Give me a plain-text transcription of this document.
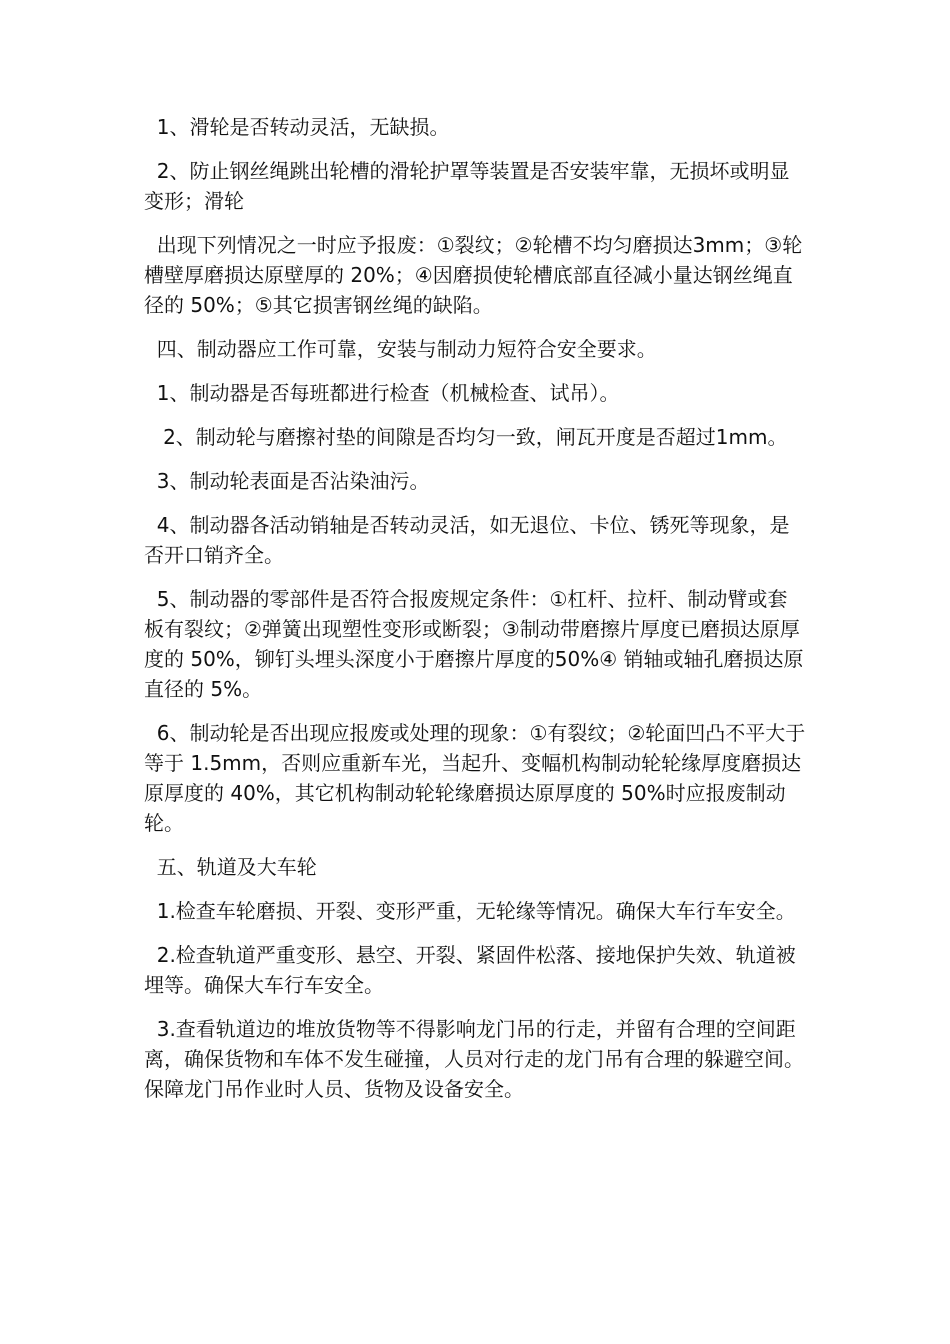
1、滑轮是否转动灵活，无缺损。

2、防止钢丝绳跳出轮槽的滑轮护罩等装置是否安装牢靠，无损坏或明显变形；滑轮

出现下列情况之一时应予报废：①裂纹；②轮槽不均匀磨损达3mm；③轮槽壁厚磨损达原壁厚的 20%；④因磨损使轮槽底部直径减小量达钢丝绳直径的 50%；⑤其它损害钢丝绳的缺陷。

四、制动器应工作可靠，安装与制动力短符合安全要求。

1、制动器是否每班都进行检查（机械检查、试吊）。

2、制动轮与磨擦衬垫的间隙是否均匀一致，闸瓦开度是否超过1mm。

3、制动轮表面是否沾染油污。

4、制动器各活动销轴是否转动灵活，如无退位、卡位、锈死等现象，是否开口销齐全。

5、制动器的零部件是否符合报废规定条件：①杠杆、拉杆、制动臂或套板有裂纹；②弹簧出现塑性变形或断裂；③制动带磨擦片厚度已磨损达原厚度的 50%，铆钉头埋头深度小于磨擦片厚度的50%④ 销轴或轴孔磨损达原直径的 5%。

6、制动轮是否出现应报废或处理的现象：①有裂纹；②轮面凹凸不平大于等于 1.5mm，否则应重新车光，当起升、变幅机构制动轮轮缘厚度磨损达原厚度的 40%，其它机构制动轮轮缘磨损达原厚度的 50%时应报废制动轮。

五、轨道及大车轮

1.检查车轮磨损、开裂、变形严重，无轮缘等情况。确保大车行车安全。

2.检查轨道严重变形、悬空、开裂、紧固件松落、接地保护失效、轨道被埋等。确保大车行车安全。

3.查看轨道边的堆放货物等不得影响龙门吊的行走，并留有合理的空间距离，确保货物和车体不发生碰撞，人员对行走的龙门吊有合理的躲避空间。保障龙门吊作业时人员、货物及设备安全。
